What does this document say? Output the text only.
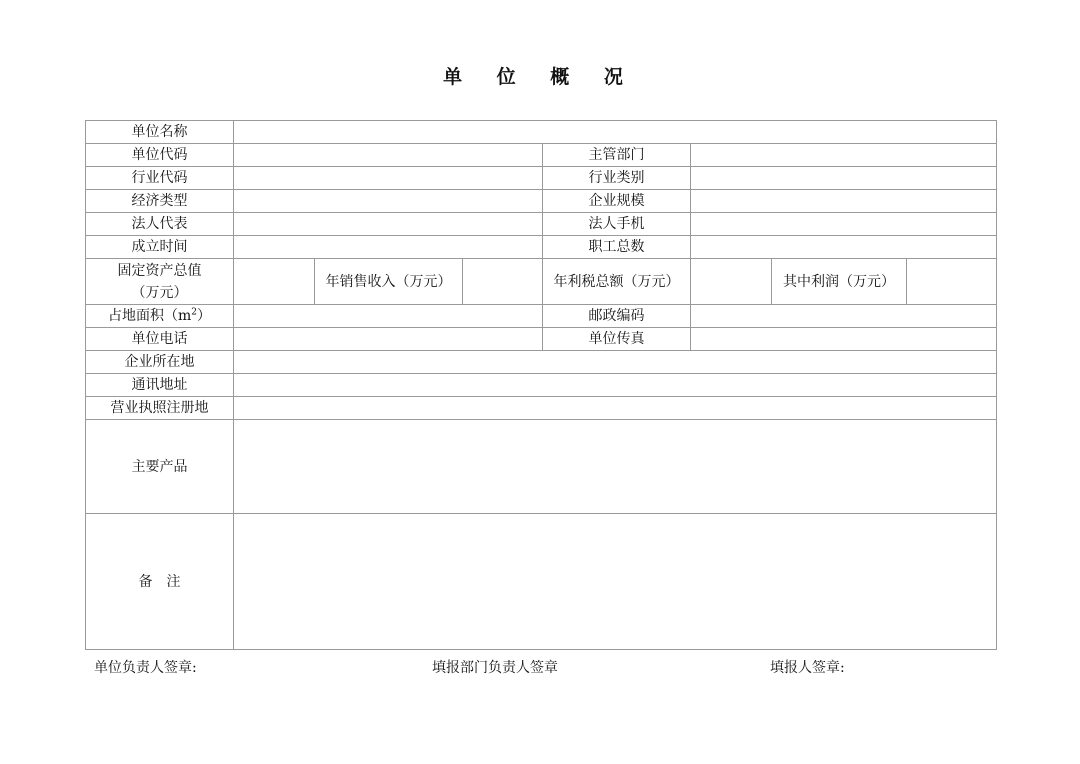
单 位 概 况
单位名称							
单位代码				主管部门			
行业代码				行业类别			
经济类型				企业规模			
法人代表				法人手机			
成立时间				职工总数			

固定资产总值
（万元）		年销售收入（万元）		年利税总额（万元）		其中利润（万元）	
占地面积$(m^2)$				邮政编码			
单位电话				单位传真			
企业所在地							
通讯地址							
营业执照注册地							
主要产品							
备　注							

单位负责人签章:	填报部门负责人签章	填报人签章:
